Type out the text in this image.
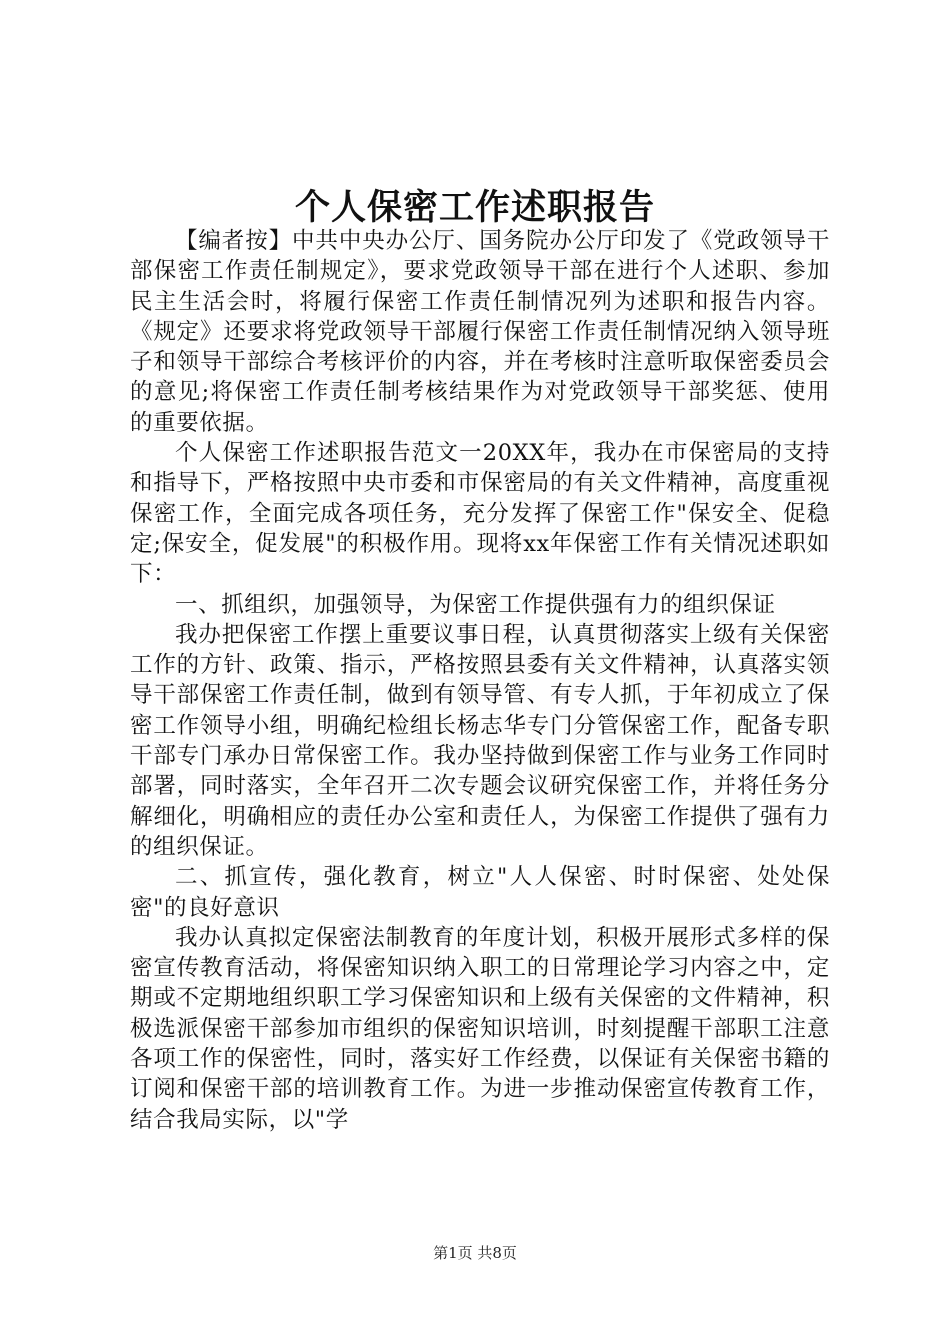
个人保密工作述职报告

【编者按】中共中央办公厅、国务院办公厅印发了《党政领导干部保密工作责任制规定》，要求党政领导干部在进行个人述职、参加民主生活会时，将履行保密工作责任制情况列为述职和报告内容。《规定》还要求将党政领导干部履行保密工作责任制情况纳入领导班子和领导干部综合考核评价的内容，并在考核时注意听取保密委员会的意见;将保密工作责任制考核结果作为对党政领导干部奖惩、使用的重要依据。

个人保密工作述职报告范文一20XX年，我办在市保密局的支持和指导下，严格按照中央市委和市保密局的有关文件精神，高度重视保密工作，全面完成各项任务，充分发挥了保密工作"保安全、促稳定;保安全，促发展"的积极作用。现将xx年保密工作有关情况述职如下：

一、抓组织，加强领导，为保密工作提供强有力的组织保证

我办把保密工作摆上重要议事日程，认真贯彻落实上级有关保密工作的方针、政策、指示，严格按照县委有关文件精神，认真落实领导干部保密工作责任制，做到有领导管、有专人抓，于年初成立了保密工作领导小组，明确纪检组长杨志华专门分管保密工作，配备专职干部专门承办日常保密工作。我办坚持做到保密工作与业务工作同时部署，同时落实，全年召开二次专题会议研究保密工作，并将任务分解细化，明确相应的责任办公室和责任人，为保密工作提供了强有力的组织保证。

二、抓宣传，强化教育，树立"人人保密、时时保密、处处保密"的良好意识

我办认真拟定保密法制教育的年度计划，积极开展形式多样的保密宣传教育活动，将保密知识纳入职工的日常理论学习内容之中，定期或不定期地组织职工学习保密知识和上级有关保密的文件精神，积极选派保密干部参加市组织的保密知识培训，时刻提醒干部职工注意各项工作的保密性，同时，落实好工作经费，以保证有关保密书籍的订阅和保密干部的培训教育工作。为进一步推动保密宣传教育工作，结合我局实际，以"学

第1页 共8页
